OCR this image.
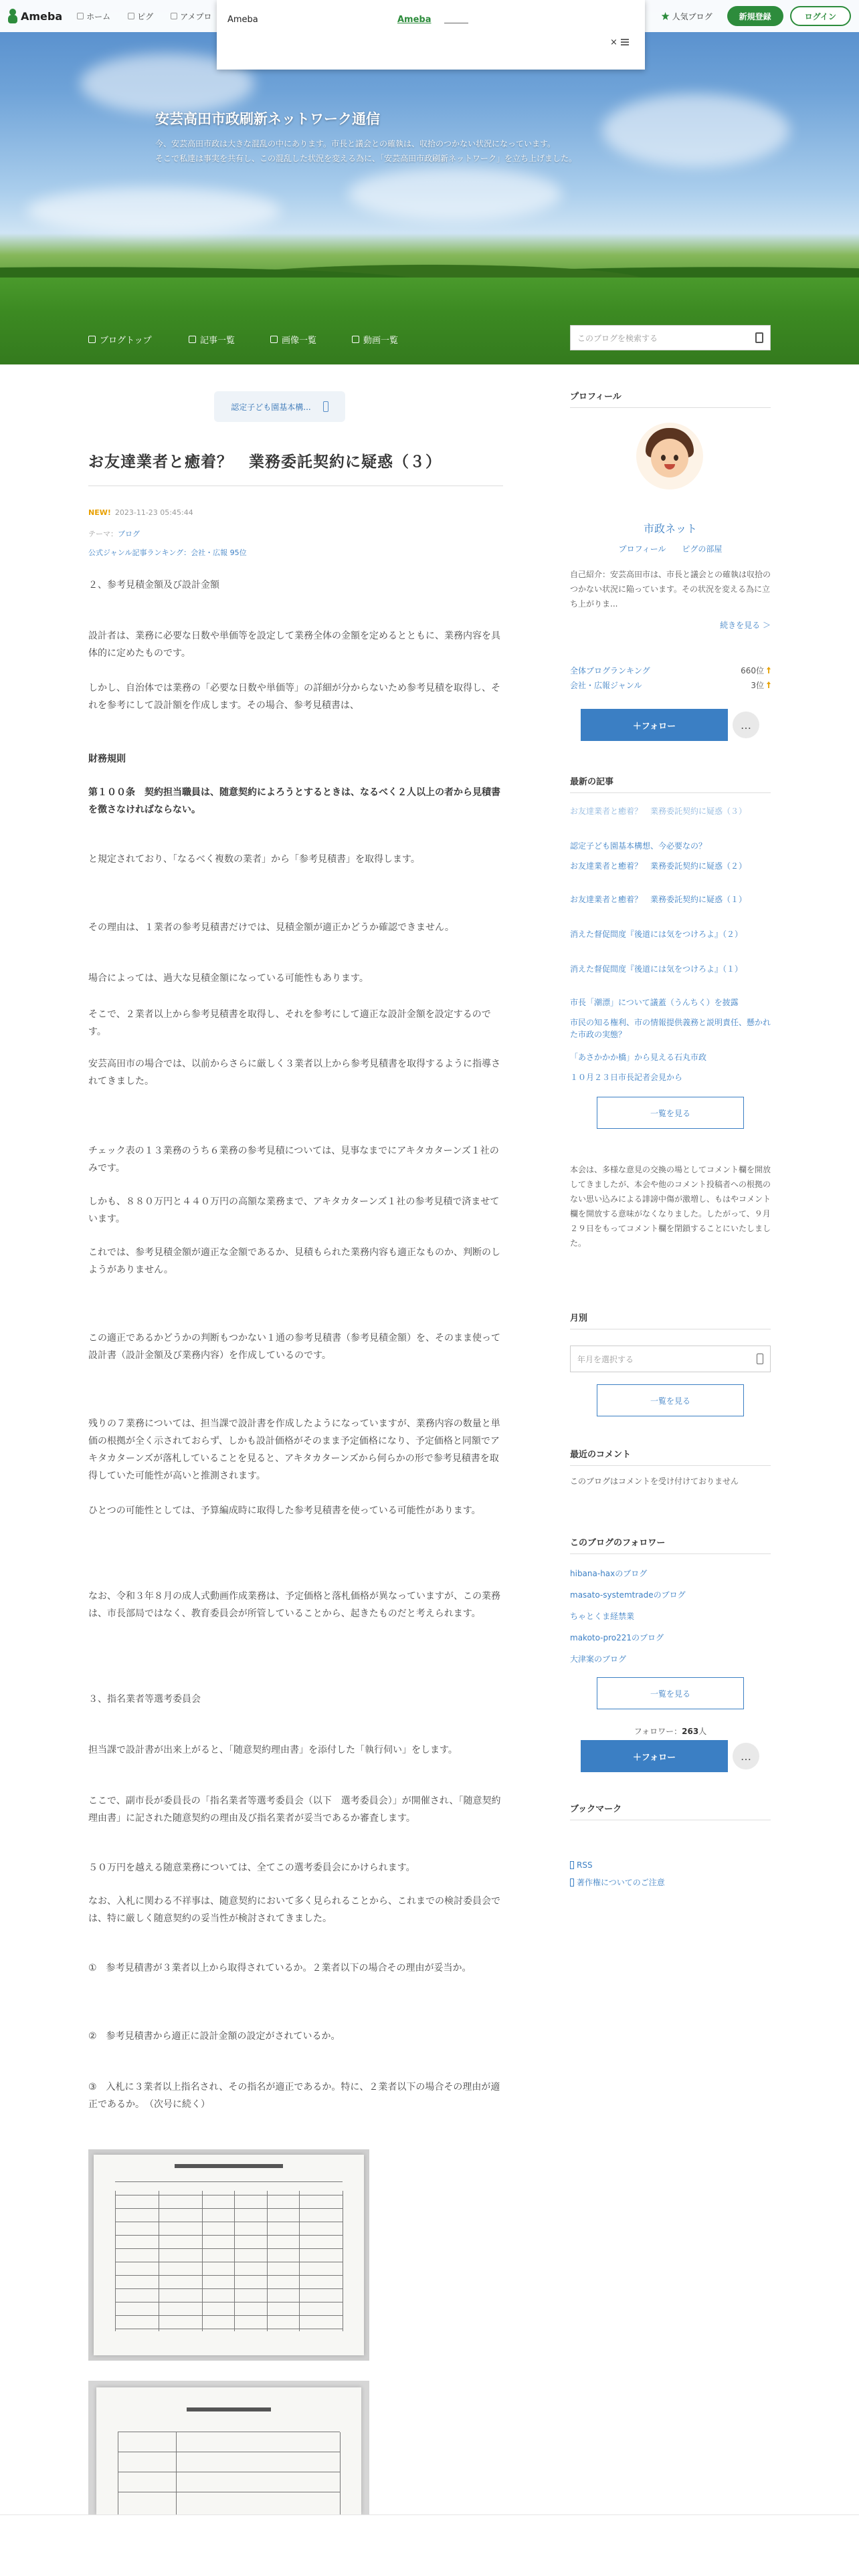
安芸高田市政刷新ネットワーク通信
今、安芸高田市政は大きな混乱の中にあります。市長と議会との確執は、収拾のつかない状況になっています。
そこで私達は事実を共有し、この混乱した状況を変える為に、「安芸高田市政刷新ネットワーク」を立ち上げました。
ブログトップ	記事一覧	画像一覧	動画一覧	このブログを検索する
Ameba	ホーム	ピグ	アメプロ Ameba	Ameba
×
人気ブログ	新規登録	ログイン
認定子ども園基本構...
お友達業者と癒着？　業務委託契約に疑惑（３）
NEW! 2023-11-23 05:45:44
テーマ：ブログ
公式ジャンル記事ランキング：会社・広報 95位

２、参考見積金額及び設計金額

設計者は、業務に必要な日数や単価等を設定して業務全体の金額を定めるとともに、業務内容を具体的に定めたものです。

しかし、自治体では業務の「必要な日数や単価等」の詳細が分からないため参考見積を取得し、それを参考にして設計額を作成します。その場合、参考見積書は、

財務規則

第１００条　契約担当職員は、随意契約によろうとするときは、なるべく２人以上の者から見積書を徴さなければならない。

と規定されており、「なるべく複数の業者」から「参考見積書」を取得します。

その理由は、１業者の参考見積書だけでは、見積金額が適正かどうか確認できません。

場合によっては、過大な見積金額になっている可能性もあります。

そこで、２業者以上から参考見積書を取得し、それを参考にして適正な設計金額を設定するのです。

安芸高田市の場合では、以前からさらに厳しく３業者以上から参考見積書を取得するように指導されてきました。

チェック表の１３業務のうち６業務の参考見積については、見事なまでにアキタカターンズ１社のみです。

しかも、８８０万円と４４０万円の高額な業務まで、アキタカターンズ１社の参考見積で済ませています。

これでは、参考見積金額が適正な金額であるか、見積もられた業務内容も適正なものか、判断のしようがありません。

この適正であるかどうかの判断もつかない１通の参考見積書（参考見積金額）を、そのまま使って設計書（設計金額及び業務内容）を作成しているのです。

残りの７業務については、担当課で設計書を作成したようになっていますが、業務内容の数量と単価の根拠が全く示されておらず、しかも設計価格がそのまま予定価格になり、予定価格と同額でアキタカターンズが落札していることを見ると、アキタカターンズから何らかの形で参考見積書を取得していた可能性が高いと推測されます。

ひとつの可能性としては、予算編成時に取得した参考見積書を使っている可能性があります。

なお、令和３年８月の成人式動画作成業務は、予定価格と落札価格が異なっていますが、この業務は、市長部局ではなく、教育委員会が所管していることから、起きたものだと考えられます。

３、指名業者等選考委員会

担当課で設計書が出来上がると、「随意契約理由書」を添付した「執行伺い」をします。

ここで、副市長が委員長の「指名業者等選考委員会（以下　選考委員会）」が開催され、「随意契約理由書」に記された随意契約の理由及び指名業者が妥当であるか審査します。

５０万円を越える随意業務については、全てこの選考委員会にかけられます。

なお、入札に関わる不祥事は、随意契約において多く見られることから、これまでの検討委員会では、特に厳しく随意契約の妥当性が検討されてきました。

①　参考見積書が３業者以上から取得されているか。２業者以下の場合その理由が妥当か。

②　参考見積書から適正に設計金額の設定がされているか。

③　入札に３業者以上指名され、その指名が適正であるか。特に、２業者以下の場合その理由が適正であるか。　（次号に続く）

プロフィール
市政ネット
プロフィール ピグの部屋
自己紹介：安芸高田市は、市長と議会との確執は収拾のつかない状況に陥っています。その状況を変える為に立ち上がりま...
続きを見る ＞
全体ブログランキング	660位
会社・広報ジャンル	3位
＋フォロー	…
最新の記事
お友達業者と癒着？　業務委託契約に疑惑（３）
認定子ども園基本構想、今必要なの？
お友達業者と癒着？　業務委託契約に疑惑（２）
お友達業者と癒着？　業務委託契約に疑惑（１）
消えた督促間度『後道には気をつけろよ』（２）
消えた督促間度『後道には気をつけろよ』（１）
市長「潮漂」について議蓋（うんちく）を披露
市民の知る権利、市の情報提供義務と説明責任、懸かれた市政の実態？
「あさかかか橋」から見える石丸市政
１０月２３日市長記者会見から
一覧を見る
本会は、多様な意見の交換の場としてコメント欄を開放してきましたが、本会や他のコメント投稿者への根拠のない思い込みによる誹謗中傷が激増し、もはやコメント欄を開放する意味がなくなりました。したがって、９月２９日をもってコメント欄を閉鎖することにいたしました。
月別
年月を選択する
一覧を見る
最近のコメント
このブログはコメントを受け付けておりません
このブログのフォロワー
hibana-haxのブログ
masato-systemtradeのブログ
ちゃとくま経禁業
makoto-pro221のブログ
大津案のブログ
一覧を見る
フォロワー：263人
＋フォロー	…
ブックマーク
RSS
著作権についてのご注意
